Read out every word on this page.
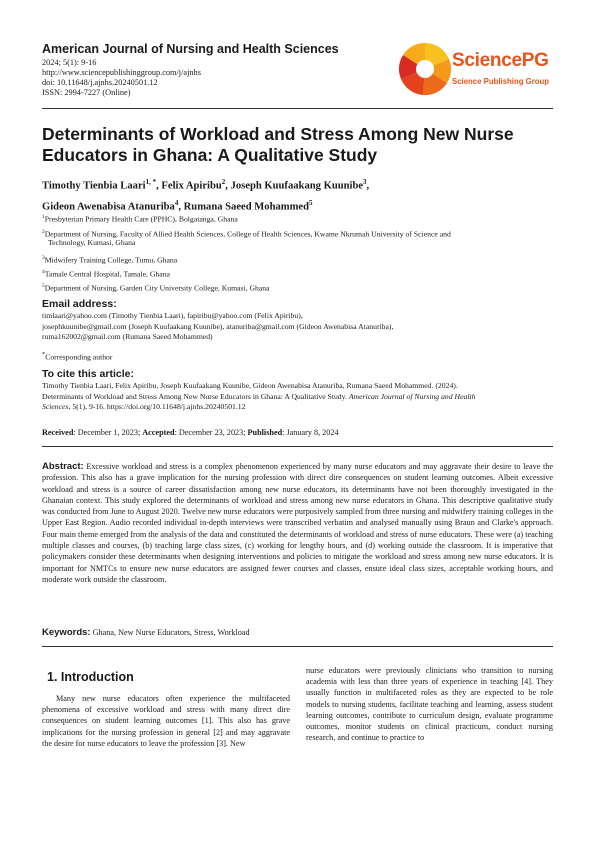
American Journal of Nursing and Health Sciences
2024; 5(1): 9-16
http://www.sciencepublishinggroup.com/j/ajnhs
doi: 10.11648/j.ajnhs.20240501.12
ISSN: 2994-7227 (Online)
SciencePG
Science Publishing Group
Determinants of Workload and Stress Among New Nurse Educators in Ghana: A Qualitative Study
Timothy Tienbia Laari$^{1, *}$, Felix Apiribu$^2$, Joseph Kuufaakang Kuunibe$^3$,
Gideon Awenabisa Atanuriba$^4$, Rumana Saeed Mohammed$^5$
$^1$Presbyterian Primary Health Care (PPHC), Bolgatanga, Ghana
$^2$Department of Nursing, Faculty of Allied Health Sciences, College of Health Sciences, Kwame Nkrumah University of Science and
Technology, Kumasi, Ghana
$^3$Midwifery Training College, Tumu, Ghana
$^4$Tamale Central Hospital, Tamale, Ghana
$^5$Department of Nursing, Garden City University College, Kumasi, Ghana
Email address:
timlaari@yahoo.com (Timothy Tienbia Laari), fapiribu@yahoo.com (Felix Apiribu),
josephkuunibe@gmail.com (Joseph Kuufaakang Kuunibe), atanuriba@gmail.com (Gideon Awenabisa Atanuriba),
ruma162002@gmail.com (Rumana Saeed Mohammed)
*Corresponding author
To cite this article:
Timothy Tienbia Laari, Felix Apiribu, Joseph Kuufaakang Kuunibe, Gideon Awenabisa Atanuriba, Rumana Saeed Mohammed. (2024).
Determinants of Workload and Stress Among New Nurse Educators in Ghana: A Qualitative Study. American Journal of Nursing and Health
Sciences, 5(1), 9-16. https://doi.org/10.11648/j.ajnhs.20240501.12
Received: December 1, 2023; Accepted: December 23, 2023; Published: January 8, 2024
Abstract: Excessive workload and stress is a complex phenomenon experienced by many nurse educators and may aggravate their desire to leave the profession. This also has a grave implication for the nursing profession with direct dire consequences on student learning outcomes. Albeit excessive workload and stress is a source of career dissatisfaction among new nurse educators, its determinants have not been thoroughly investigated in the Ghanaian context. This study explored the determinants of workload and stress among new nurse educators in Ghana. This descriptive qualitative study was conducted from June to August 2020. Twelve new nurse educators were purposively sampled from three nursing and midwifery training colleges in the Upper East Region. Audio recorded individual in-depth interviews were transcribed verbatim and analysed manually using Braun and Clarke's approach. Four main theme emerged from the analysis of the data and constituted the determinants of workload and stress of nurse educators. These were (a) teaching multiple classes and courses, (b) teaching large class sizes, (c) working for lengthy hours, and (d) working outside the classroom. It is imperative that policymakers consider these determinants when designing interventions and policies to mitigate the workload and stress among new nurse educators. It is important for NMTCs to ensure new nurse educators are assigned fewer courses and classes, ensure ideal class sizes, acceptable working hours, and moderate work outside the classroom.
Keywords: Ghana, New Nurse Educators, Stress, Workload
1. Introduction
Many new nurse educators often experience the multifaceted phenomena of excessive workload and stress with many direct dire consequences on student learning outcomes [1]. This also has grave implications for the nursing profession in general [2] and may aggravate the desire for nurse educators to leave the profession [3]. New
nurse educators were previously clinicians who transition to nursing academia with less than three years of experience in teaching [4]. They usually function in multifaceted roles as they are expected to be role models to nursing students, facilitate teaching and learning, assess student learning outcomes, contribute to curriculum design, evaluate programme outcomes, monitor students on clinical practicum, conduct nursing research, and continue to practice to
